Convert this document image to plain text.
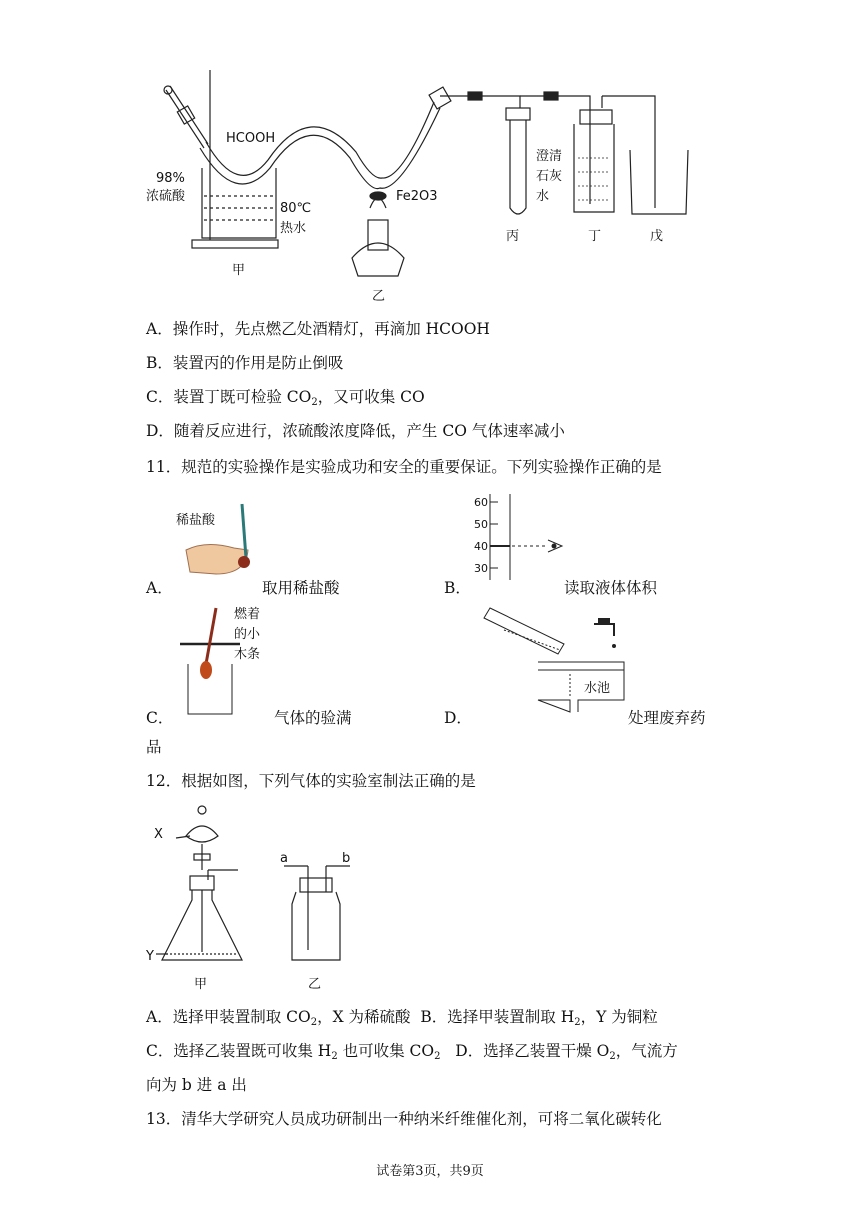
HCOOH
98%
浓硫酸
80℃
热水
Fe2O3
澄清
石灰
水
甲
乙
丙	丁	戊
A．操作时，先点燃乙处酒精灯，再滴加 HCOOH
B．装置丙的作用是防止倒吸
C．装置丁既可检验 $CO_2$，又可收集 CO
D．随着反应进行，浓硫酸浓度降低，产生 CO 气体速率减小
11．规范的实验操作是实验成功和安全的重要保证。下列实验操作正确的是
稀盐酸
A．	取用稀盐酸
60
50
40
30
B．	读取液体体积
燃着
的小
木条
C．	气体的验满
水池
D．	处理废弃药
品
12．根据如图，下列气体的实验室制法正确的是
X
Y
a	b
甲	乙
A．选择甲装置制取 $CO_2$，X 为稀硫酸 B．选择甲装置制取 $H_2$，Y 为铜粒
C．选择乙装置既可收集 $H_2$ 也可收集 $CO_2$ D．选择乙装置干燥 $O_2$，气流方
向为 b 进 a 出
13．清华大学研究人员成功研制出一种纳米纤维催化剂，可将二氧化碳转化
试卷第3页，共9页
